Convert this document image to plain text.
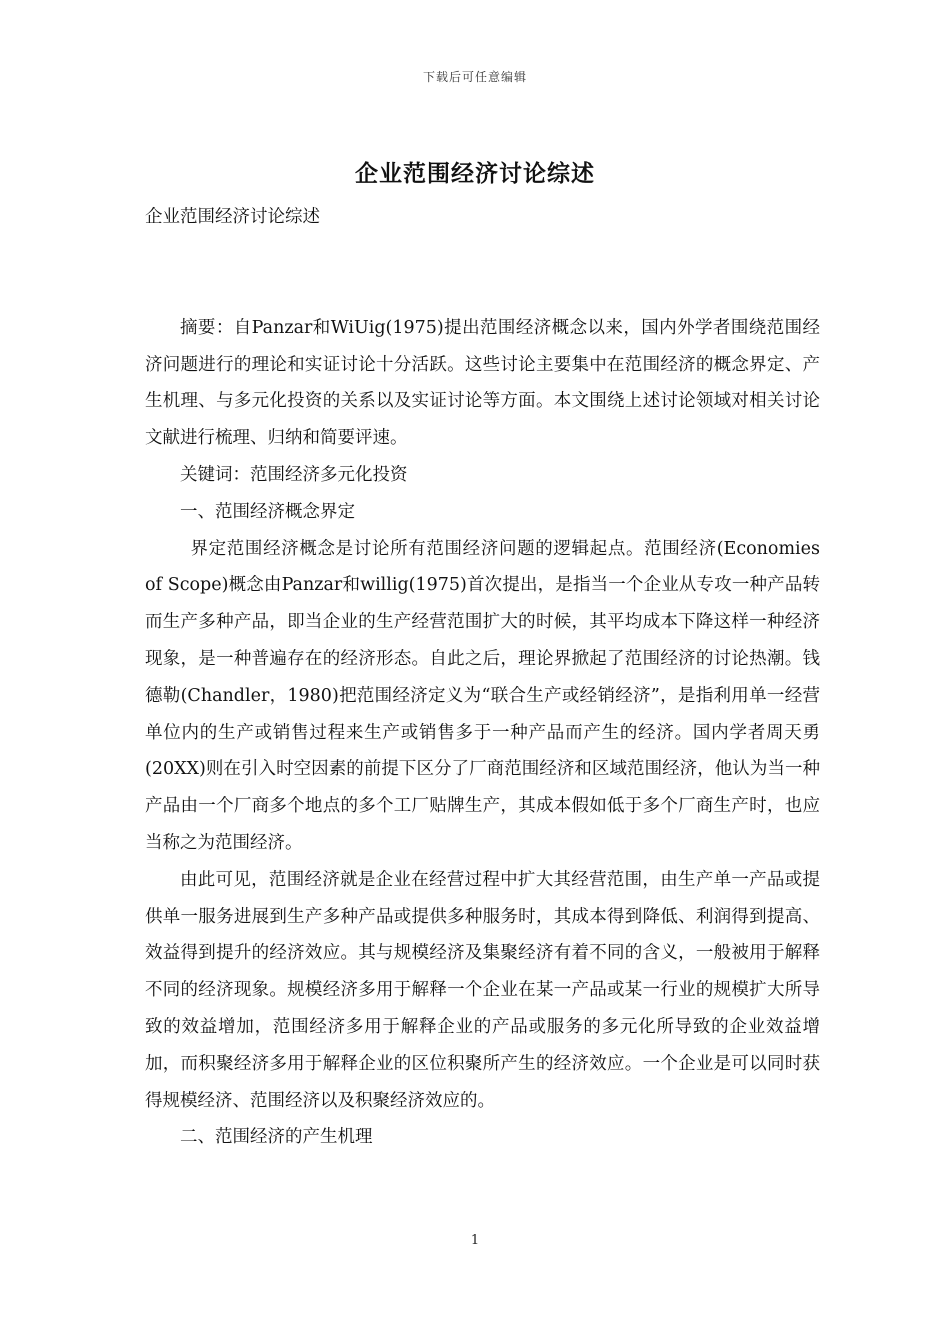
下载后可任意编辑
企业范围经济讨论综述

企业范围经济讨论综述

摘要：自Panzar和WiUig(1975)提出范围经济概念以来，国内外学者围绕范围经济问题进行的理论和实证讨论十分活跃。这些讨论主要集中在范围经济的概念界定、产生机理、与多元化投资的关系以及实证讨论等方面。本文围绕上述讨论领域对相关讨论文献进行梳理、归纳和简要评速。

关键词：范围经济多元化投资

一、范围经济概念界定

界定范围经济概念是讨论所有范围经济问题的逻辑起点。范围经济(Economies of Scope)概念由Panzar和willig(1975)首次提出，是指当一个企业从专攻一种产品转而生产多种产品，即当企业的生产经营范围扩大的时候，其平均成本下降这样一种经济现象，是一种普遍存在的经济形态。自此之后，理论界掀起了范围经济的讨论热潮。钱德勒(Chandler，1980)把范围经济定义为“联合生产或经销经济”，是指利用单一经营单位内的生产或销售过程来生产或销售多于一种产品而产生的经济。国内学者周天勇(20XX)则在引入时空因素的前提下区分了厂商范围经济和区域范围经济，他认为当一种产品由一个厂商多个地点的多个工厂贴牌生产，其成本假如低于多个厂商生产时，也应当称之为范围经济。

由此可见，范围经济就是企业在经营过程中扩大其经营范围，由生产单一产品或提供单一服务进展到生产多种产品或提供多种服务时，其成本得到降低、利润得到提高、效益得到提升的经济效应。其与规模经济及集聚经济有着不同的含义，一般被用于解释不同的经济现象。规模经济多用于解释一个企业在某一产品或某一行业的规模扩大所导致的效益增加，范围经济多用于解释企业的产品或服务的多元化所导致的企业效益增加，而积聚经济多用于解释企业的区位积聚所产生的经济效应。一个企业是可以同时获得规模经济、范围经济以及积聚经济效应的。

二、范围经济的产生机理

1
